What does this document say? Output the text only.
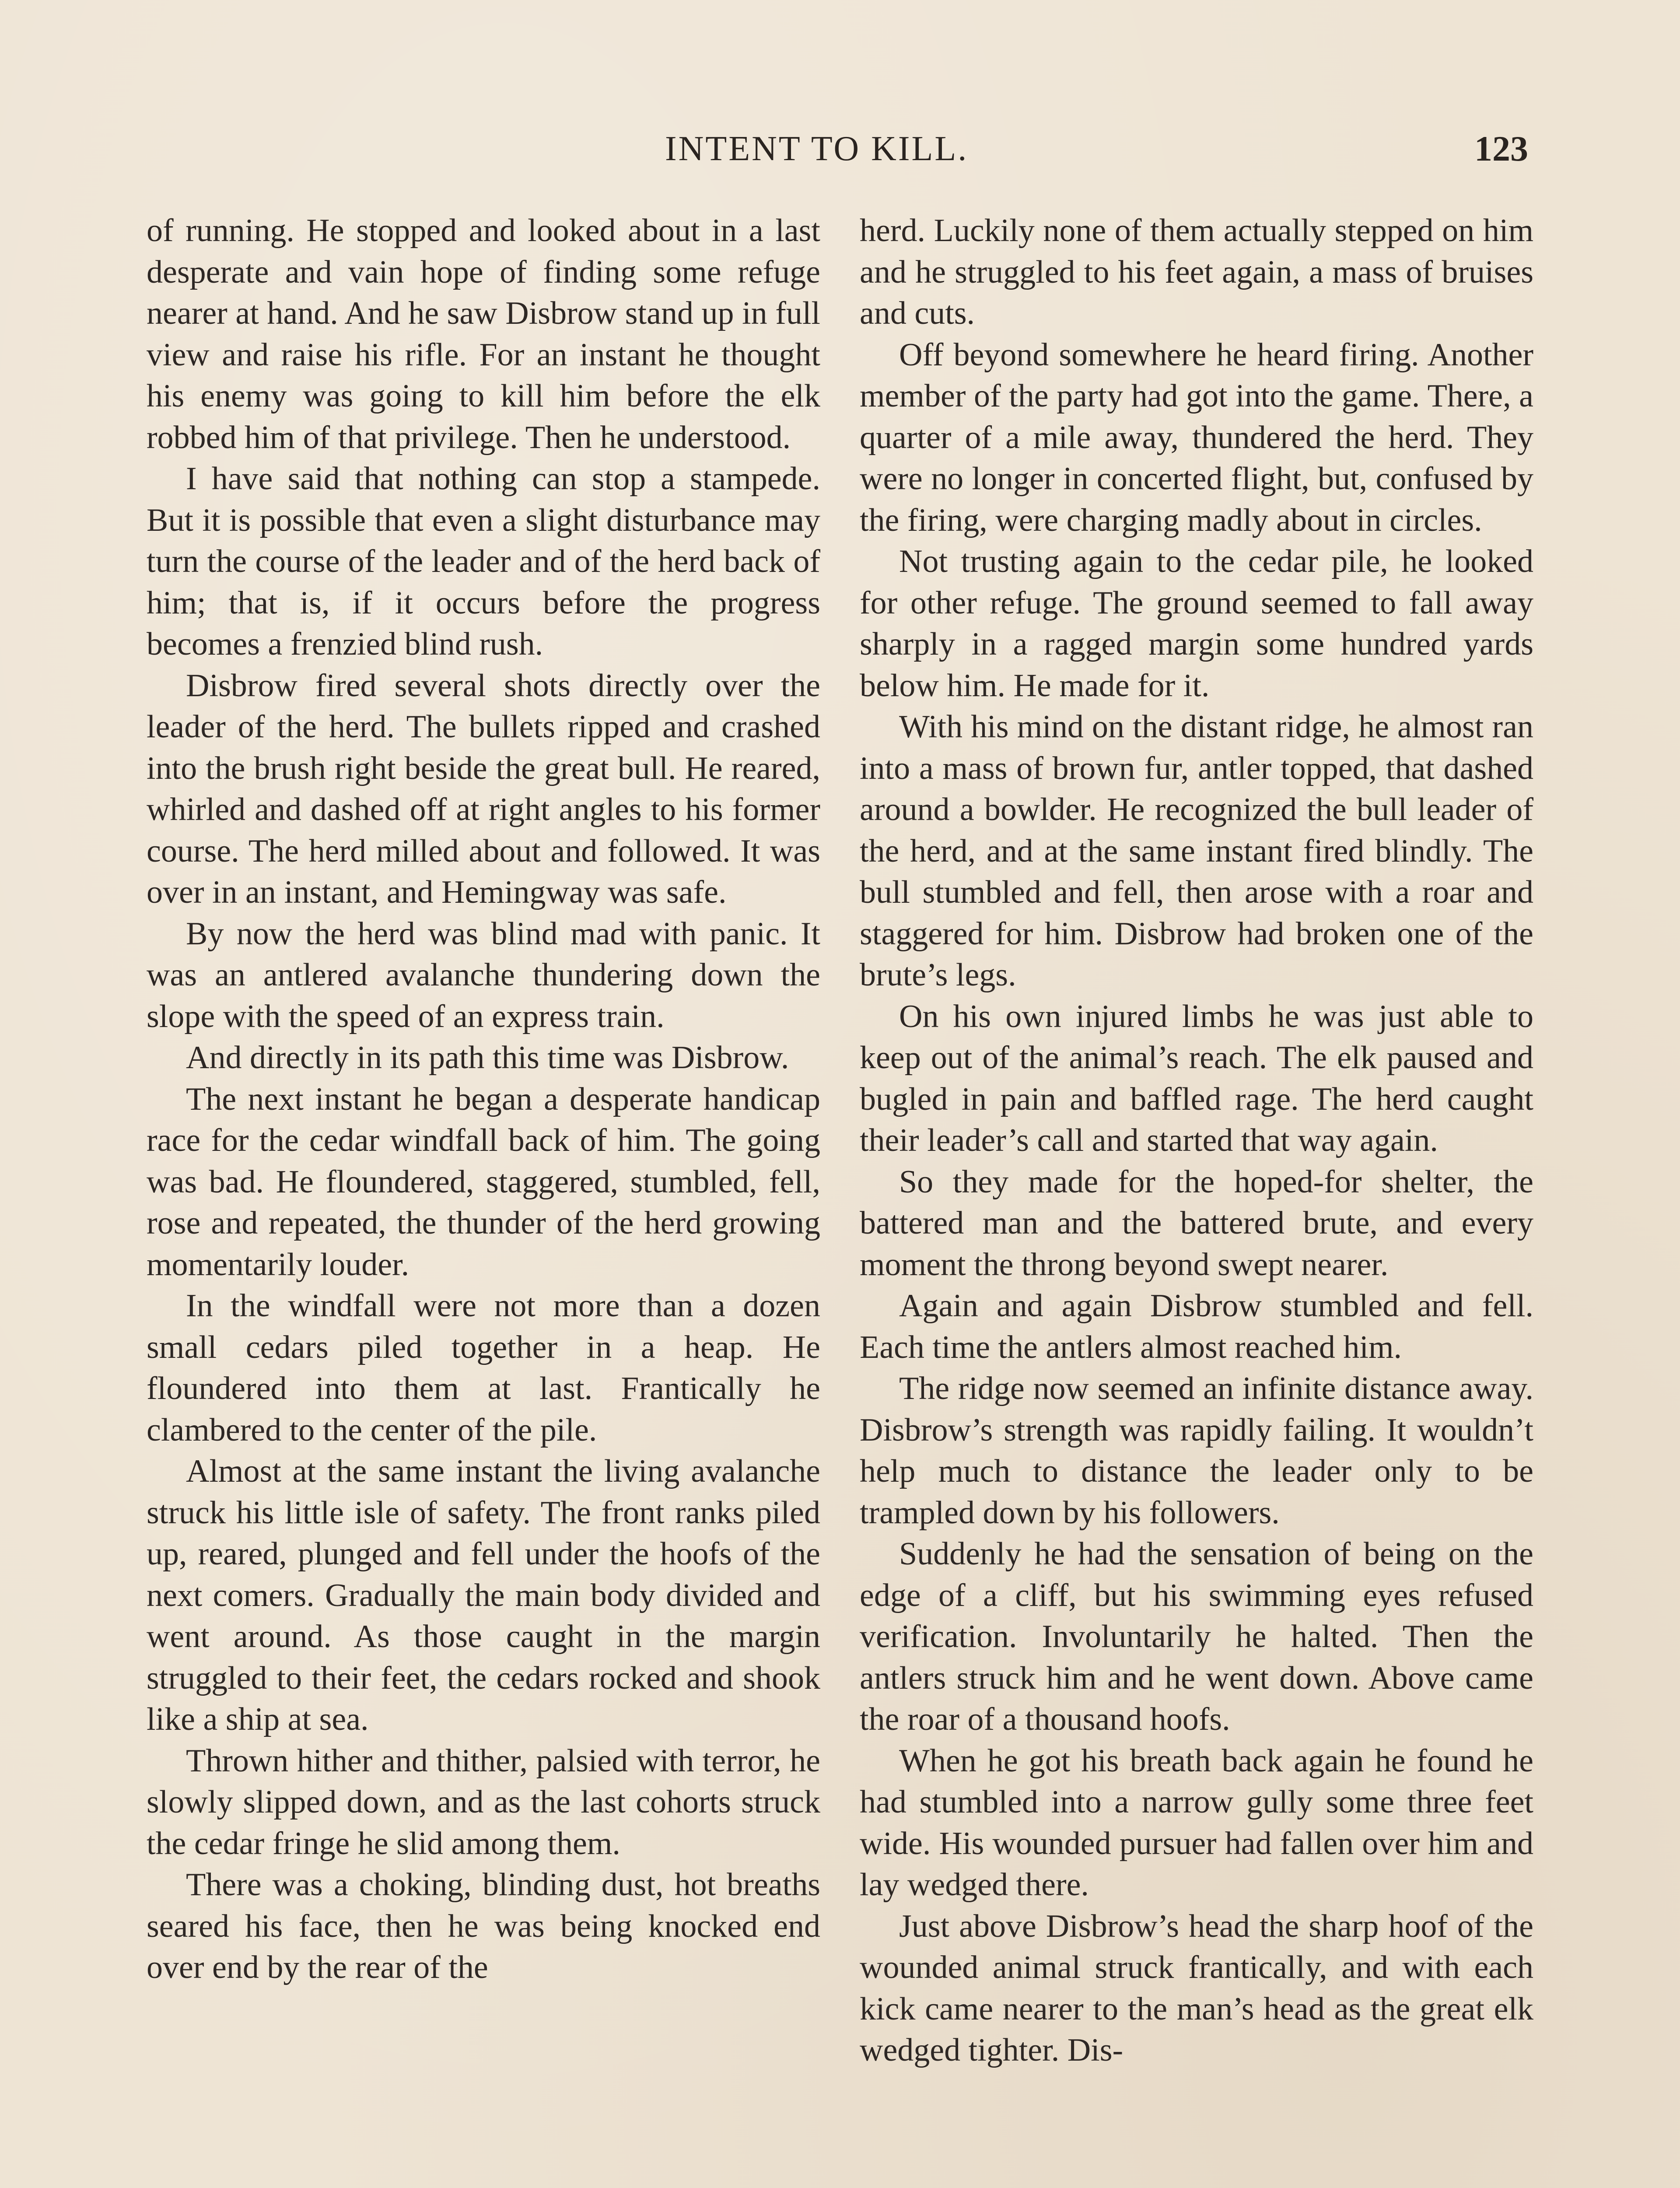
INTENT TO KILL.	123

of running. He stopped and looked about in a last desperate and vain hope of finding some refuge nearer at hand. And he saw Disbrow stand up in full view and raise his rifle. For an instant he thought his enemy was going to kill him before the elk robbed him of that privilege. Then he understood.

I have said that nothing can stop a stampede. But it is possible that even a slight disturbance may turn the course of the leader and of the herd back of him; that is, if it occurs before the progress becomes a frenzied blind rush.

Disbrow fired several shots directly over the leader of the herd. The bullets ripped and crashed into the brush right beside the great bull. He reared, whirled and dashed off at right angles to his former course. The herd milled about and followed. It was over in an instant, and Hemingway was safe.

By now the herd was blind mad with panic. It was an antlered avalanche thundering down the slope with the speed of an express train.

And directly in its path this time was Disbrow.

The next instant he began a desperate handicap race for the cedar windfall back of him. The going was bad. He floundered, staggered, stumbled, fell, rose and repeated, the thunder of the herd growing momentarily louder.

In the windfall were not more than a dozen small cedars piled together in a heap. He floundered into them at last. Frantically he clambered to the center of the pile.

Almost at the same instant the living avalanche struck his little isle of safety. The front ranks piled up, reared, plunged and fell under the hoofs of the next comers. Gradually the main body divided and went around. As those caught in the margin struggled to their feet, the cedars rocked and shook like a ship at sea.

Thrown hither and thither, palsied with terror, he slowly slipped down, and as the last cohorts struck the cedar fringe he slid among them.

There was a choking, blinding dust, hot breaths seared his face, then he was being knocked end over end by the rear of the

herd. Luckily none of them actually stepped on him and he struggled to his feet again, a mass of bruises and cuts.

Off beyond somewhere he heard firing. Another member of the party had got into the game. There, a quarter of a mile away, thundered the herd. They were no longer in concerted flight, but, confused by the firing, were charging madly about in circles.

Not trusting again to the cedar pile, he looked for other refuge. The ground seemed to fall away sharply in a ragged margin some hundred yards below him. He made for it.

With his mind on the distant ridge, he almost ran into a mass of brown fur, antler topped, that dashed around a bowlder. He recognized the bull leader of the herd, and at the same instant fired blindly. The bull stumbled and fell, then arose with a roar and staggered for him. Disbrow had broken one of the brute’s legs.

On his own injured limbs he was just able to keep out of the animal’s reach. The elk paused and bugled in pain and baffled rage. The herd caught their leader’s call and started that way again.

So they made for the hoped-for shelter, the battered man and the battered brute, and every moment the throng beyond swept nearer.

Again and again Disbrow stumbled and fell. Each time the antlers almost reached him.

The ridge now seemed an infinite distance away. Disbrow’s strength was rapidly failing. It wouldn’t help much to distance the leader only to be trampled down by his followers.

Suddenly he had the sensation of being on the edge of a cliff, but his swimming eyes refused verification. Involuntarily he halted. Then the antlers struck him and he went down. Above came the roar of a thousand hoofs.

When he got his breath back again he found he had stumbled into a narrow gully some three feet wide. His wounded pursuer had fallen over him and lay wedged there.

Just above Disbrow’s head the sharp hoof of the wounded animal struck frantically, and with each kick came nearer to the man’s head as the great elk wedged tighter. Dis-
